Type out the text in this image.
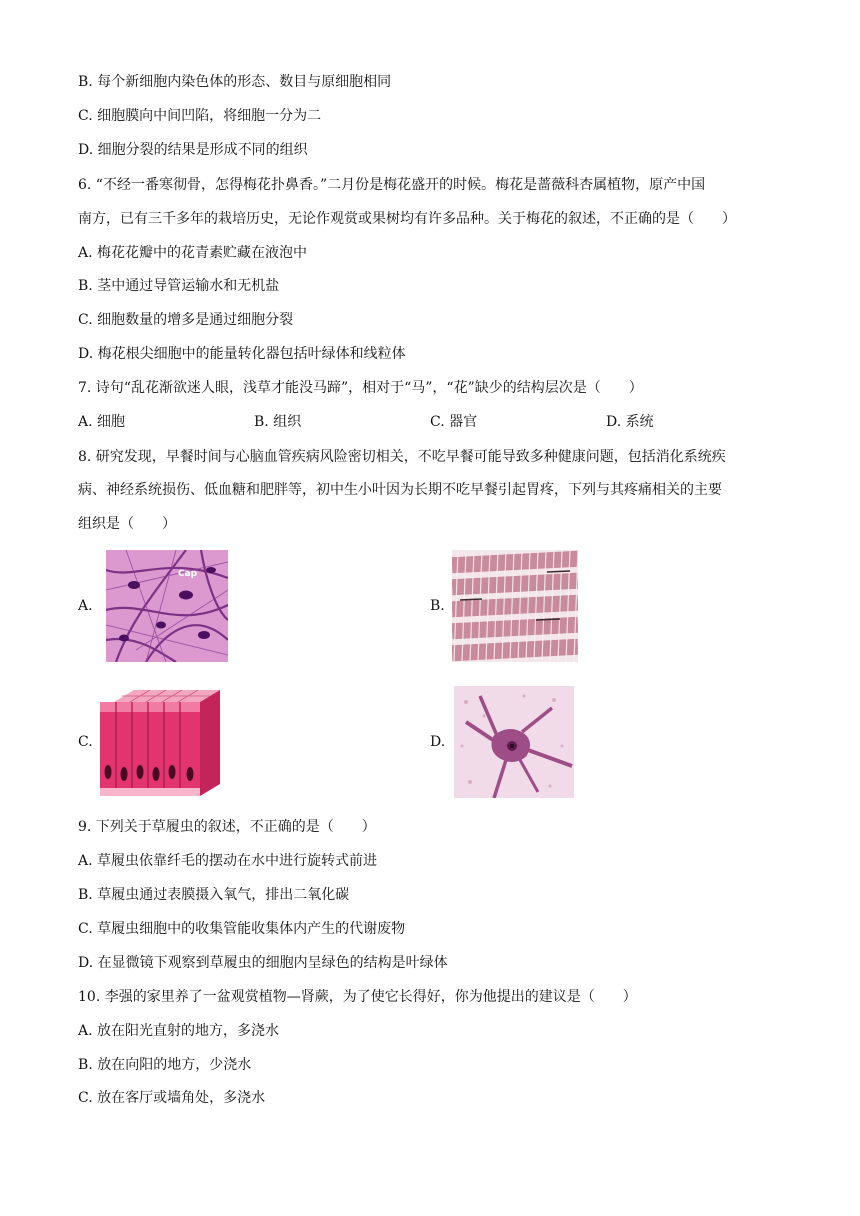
B. 每个新细胞内染色体的形态、数目与原细胞相同
C. 细胞膜向中间凹陷，将细胞一分为二
D. 细胞分裂的结果是形成不同的组织
6. “不经一番寒彻骨，怎得梅花扑鼻香。”二月份是梅花盛开的时候。梅花是蔷薇科杏属植物，原产中国
南方，已有三千多年的栽培历史，无论作观赏或果树均有许多品种。关于梅花的叙述，不正确的是（　　）
A. 梅花花瓣中的花青素贮藏在液泡中
B. 茎中通过导管运输水和无机盐
C. 细胞数量的增多是通过细胞分裂
D. 梅花根尖细胞中的能量转化器包括叶绿体和线粒体
7. 诗句“乱花渐欲迷人眼，浅草才能没马蹄”，相对于“马”，“花”缺少的结构层次是（　　）
A. 细胞	B. 组织	C. 器官	D. 系统
8. 研究发现，早餐时间与心脑血管疾病风险密切相关，不吃早餐可能导致多种健康问题，包括消化系统疾
病、神经系统损伤、低血糖和肥胖等，初中生小叶因为长期不吃早餐引起胃疼，下列与其疼痛相关的主要
组织是（　　）
A.
Cap
B.
C.	D.
9. 下列关于草履虫的叙述，不正确的是（　　）
A. 草履虫依靠纤毛的摆动在水中进行旋转式前进
B. 草履虫通过表膜摄入氧气，排出二氧化碳
C. 草履虫细胞中的收集管能收集体内产生的代谢废物
D. 在显微镜下观察到草履虫的细胞内呈绿色的结构是叶绿体
10. 李强的家里养了一盆观赏植物—肾蕨，为了使它长得好，你为他提出的建议是（　　）
A. 放在阳光直射的地方，多浇水
B. 放在向阳的地方，少浇水
C. 放在客厅或墙角处，多浇水
